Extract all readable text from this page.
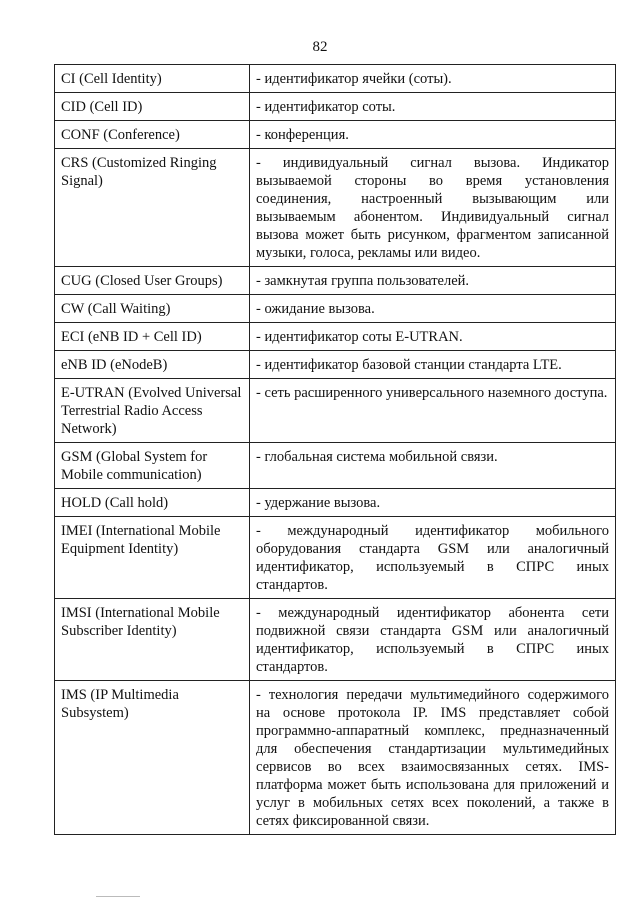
82
CI (Cell Identity)	- идентификатор ячейки (соты).
CID (Cell ID)	- идентификатор соты.
CONF (Conference)	- конференция.
CRS (Customized Ringing Signal)	- индивидуальный сигнал вызова. Индикатор вызываемой стороны во время установления соединения, настроенный вызывающим или вызываемым абонентом. Индивидуальный сигнал вызова может быть рисунком, фрагментом записанной музыки, голоса, рекламы или видео.
CUG (Closed User Groups)	- замкнутая группа пользователей.
CW (Call Waiting)	- ожидание вызова.
ECI (eNB ID + Cell ID)	- идентификатор соты E-UTRAN.
eNB ID (eNodeB)	- идентификатор базовой станции стандарта LTE.
E-UTRAN (Evolved Universal Terrestrial Radio Access Network)	- сеть расширенного универсального наземного доступа.
GSM (Global System for Mobile communication)	- глобальная система мобильной связи.
HOLD (Call hold)	- удержание вызова.
IMEI (International Mobile Equipment Identity)	- международный идентификатор мобильного оборудования стандарта GSM или аналогичный идентификатор, используемый в СПРС иных стандартов.
IMSI (International Mobile Subscriber Identity)	- международный идентификатор абонента сети подвижной связи стандарта GSM или аналогичный идентификатор, используемый в СПРС иных стандартов.
IMS (IP Multimedia Subsystem)	- технология передачи мультимедийного содержимого на основе протокола IP. IMS представляет собой программно-аппаратный комплекс, предназначенный для обеспечения стандартизации мультимедийных сервисов во всех взаимосвязанных сетях. IMS-платформа может быть использована для приложений и услуг в мобильных сетях всех поколений, а также в сетях фиксированной связи.
